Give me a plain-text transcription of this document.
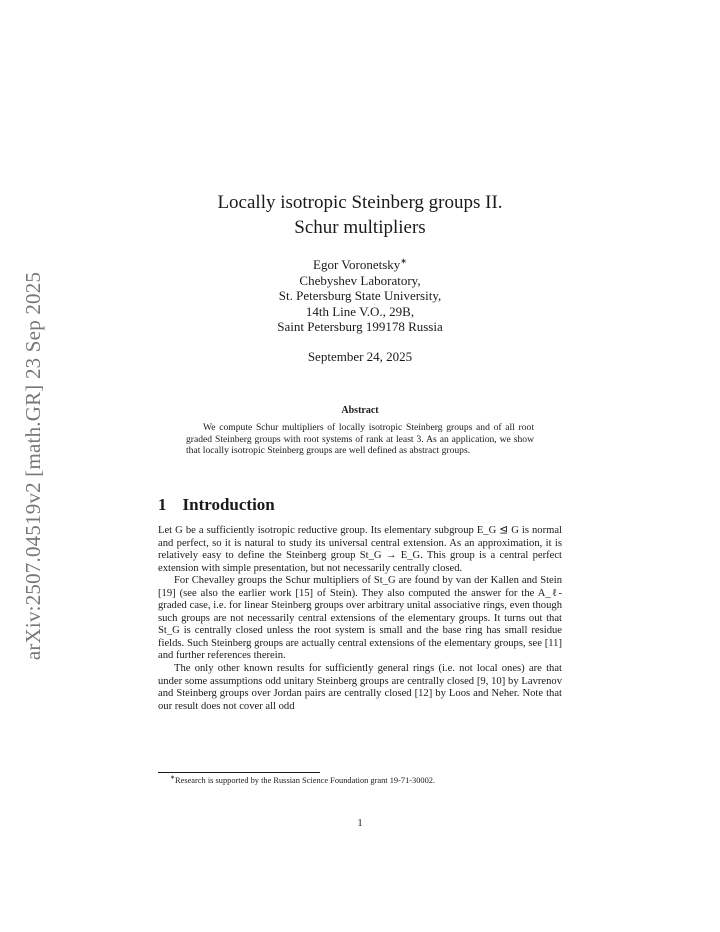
arXiv:2507.04519v2 [math.GR] 23 Sep 2025
Locally isotropic Steinberg groups II.
Schur multipliers
Egor Voronetsky∗
Chebyshev Laboratory,
St. Petersburg State University,
14th Line V.O., 29B,
Saint Petersburg 199178 Russia
September 24, 2025
Abstract
We compute Schur multipliers of locally isotropic Steinberg groups and of all root graded Steinberg groups with root systems of rank at least 3. As an application, we show that locally isotropic Steinberg groups are well defined as abstract groups.
1 Introduction

Let G be a sufficiently isotropic reductive group. Its elementary subgroup E_G ⊴ G is normal and perfect, so it is natural to study its universal central extension. As an approximation, it is relatively easy to define the Steinberg group St_G → E_G. This group is a central perfect extension with simple presentation, but not necessarily centrally closed.

For Chevalley groups the Schur multipliers of St_G are found by van der Kallen and Stein [19] (see also the earlier work [15] of Stein). They also computed the answer for the A_ℓ-graded case, i.e. for linear Steinberg groups over arbitrary unital associative rings, even though such groups are not necessarily central extensions of the elementary groups. It turns out that St_G is centrally closed unless the root system is small and the base ring has small residue fields. Such Steinberg groups are actually central extensions of the elementary groups, see [11] and further references therein.

The only other known results for sufficiently general rings (i.e. not local ones) are that under some assumptions odd unitary Steinberg groups are centrally closed [9, 10] by Lavrenov and Steinberg groups over Jordan pairs are centrally closed [12] by Loos and Neher. Note that our result does not cover all odd

∗Research is supported by the Russian Science Foundation grant 19-71-30002.
1
